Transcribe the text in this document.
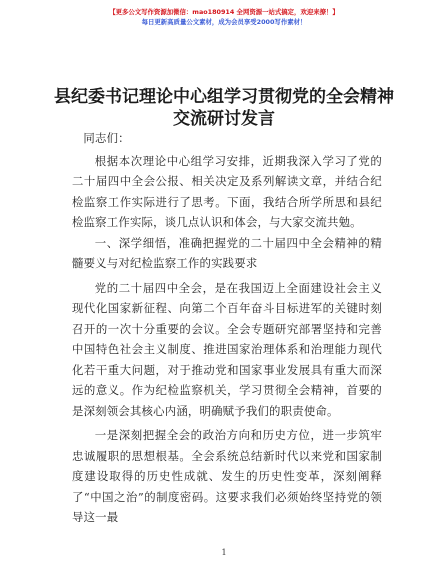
【更多公文写作资源加微信：mao180914 全网资源一站式搞定，欢迎来撩！】
每日更新高质量公文素材，成为会员享受2000写作素材！
县纪委书记理论中心组学习贯彻党的全会精神
交流研讨发言

同志们：

根据本次理论中心组学习安排，近期我深入学习了党的二十届四中全会公报、相关决定及系列解读文章，并结合纪检监察工作实际进行了思考。下面，我结合所学所思和县纪检监察工作实际，谈几点认识和体会，与大家交流共勉。

一、深学细悟，准确把握党的二十届四中全会精神的精髓要义与对纪检监察工作的实践要求

党的二十届四中全会，是在我国迈上全面建设社会主义现代化国家新征程、向第二个百年奋斗目标进军的关键时刻召开的一次十分重要的会议。全会专题研究部署坚持和完善中国特色社会主义制度、推进国家治理体系和治理能力现代化若干重大问题，对于推动党和国家事业发展具有重大而深远的意义。作为纪检监察机关，学习贯彻全会精神，首要的是深刻领会其核心内涵，明确赋予我们的职责使命。

一是深刻把握全会的政治方向和历史方位，进一步筑牢忠诚履职的思想根基。全会系统总结新时代以来党和国家制度建设取得的历史性成就、发生的历史性变革，深刻阐释了“中国之治”的制度密码。这要求我们必须始终坚持党的领导这一最

1
